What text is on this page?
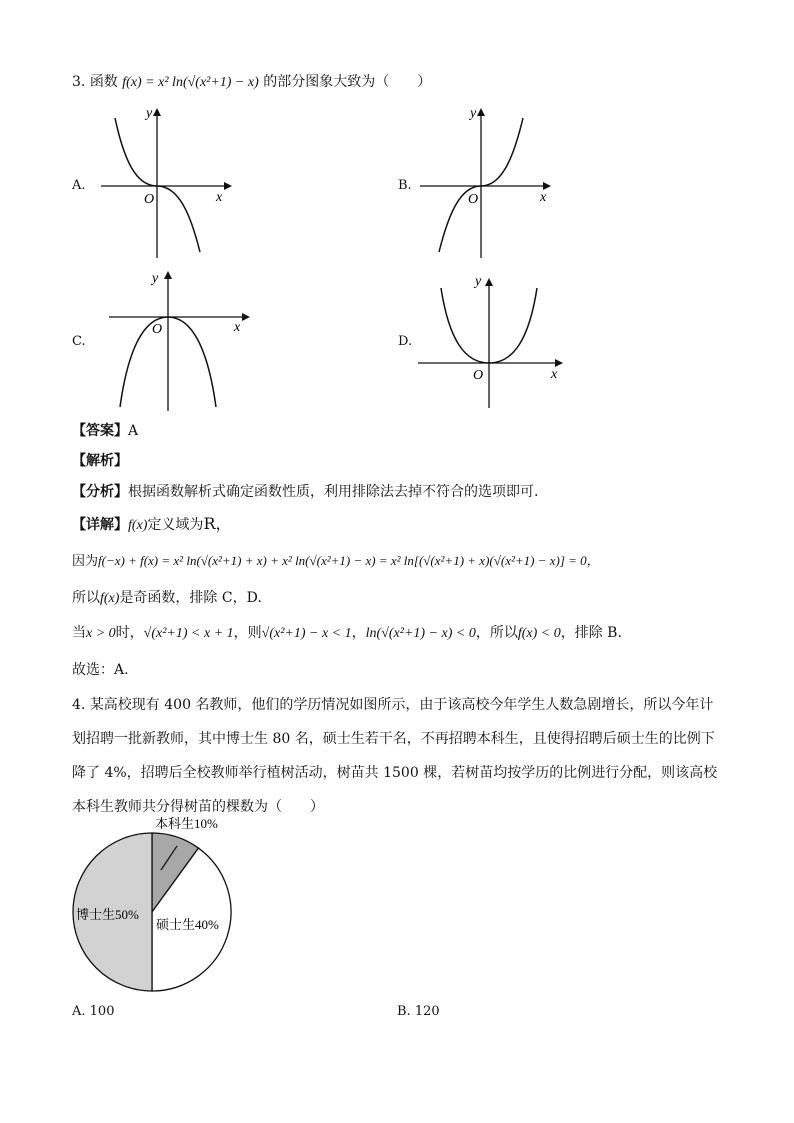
3. 函数 f(x) = x² ln(√(x²+1) − x) 的部分图象大致为（　　）
A.	B.
C.	D.
x
y
O	x
y
O
x
y
O
x
y
O
【答案】A
【解析】
【分析】根据函数解析式确定函数性质，利用排除法去掉不符合的选项即可.
【详解】f(x)定义域为R，
因为f(−x) + f(x) = x² ln(√(x²+1) + x) + x² ln(√(x²+1) − x) = x² ln[(√(x²+1) + x)(√(x²+1) − x)] = 0，
所以f(x)是奇函数，排除 C，D.
当x > 0时，√(x²+1) < x + 1，则√(x²+1) − x < 1，ln(√(x²+1) − x) < 0，所以f(x) < 0，排除 B.
故选：A.
4. 某高校现有 400 名教师，他们的学历情况如图所示，由于该高校今年学生人数急剧增长，所以今年计划招聘一批新教师，其中博士生 80 名，硕士生若干名，不再招聘本科生，且使得招聘后硕士生的比例下降了 4%，招聘后全校教师举行植树活动，树苗共 1500 棵，若树苗均按学历的比例进行分配，则该高校本科生教师共分得树苗的棵数为（　　）
本科生10%
硕士生40%
博士生50%
A. 100	B. 120
